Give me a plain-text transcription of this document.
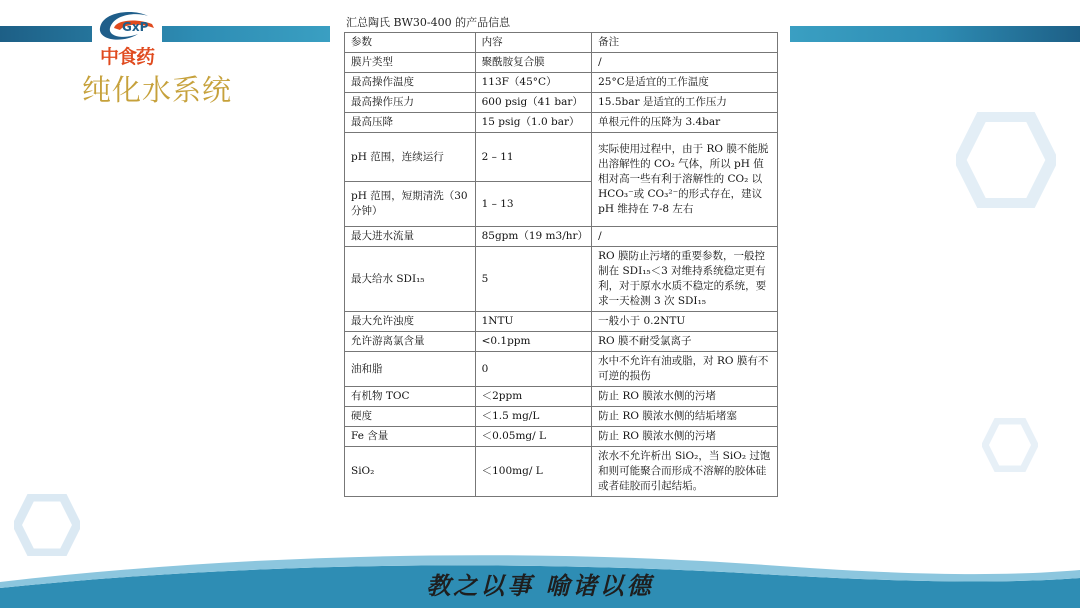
GxP
中食药
纯化水系统
汇总陶氏 BW30-400 的产品信息
参数	内容	备注
膜片类型	聚酰胺复合膜	/
最高操作温度	113F（45°C）	25°C是适宜的工作温度
最高操作压力	600 psig（41 bar）	15.5bar 是适宜的工作压力
最高压降	15 psig（1.0 bar）	单根元件的压降为 3.4bar
pH 范围，连续运行	2 – 11	实际使用过程中，由于 RO 膜不能脱出溶解性的 CO₂ 气体，所以 pH 值相对高一些有利于溶解性的 CO₂ 以 HCO₃⁻或 CO₃²⁻的形式存在，建议 pH 维持在 7-8 左右
pH 范围，短期清洗（30 分钟）	1 – 13	
最大进水流量	85gpm（19 m3/hr）	/
最大给水 SDI₁₅	5	RO 膜防止污堵的重要参数，一般控制在 SDI₁₅＜3 对维持系统稳定更有利，对于原水水质不稳定的系统，要求一天检测 3 次 SDI₁₅
最大允许浊度	1NTU	一般小于 0.2NTU
允许游离氯含量	<0.1ppm	RO 膜不耐受氯离子
油和脂	0	水中不允许有油或脂，对 RO 膜有不可逆的损伤
有机物 TOC	＜2ppm	防止 RO 膜浓水侧的污堵
硬度	＜1.5 mg/L	防止 RO 膜浓水侧的结垢堵塞
Fe 含量	＜0.05mg/ L	防止 RO 膜浓水侧的污堵
SiO₂	＜100mg/ L	浓水不允许析出 SiO₂，当 SiO₂ 过饱和则可能聚合而形成不溶解的胶体硅或者硅胶而引起结垢。
教之以事 喻诸以德
